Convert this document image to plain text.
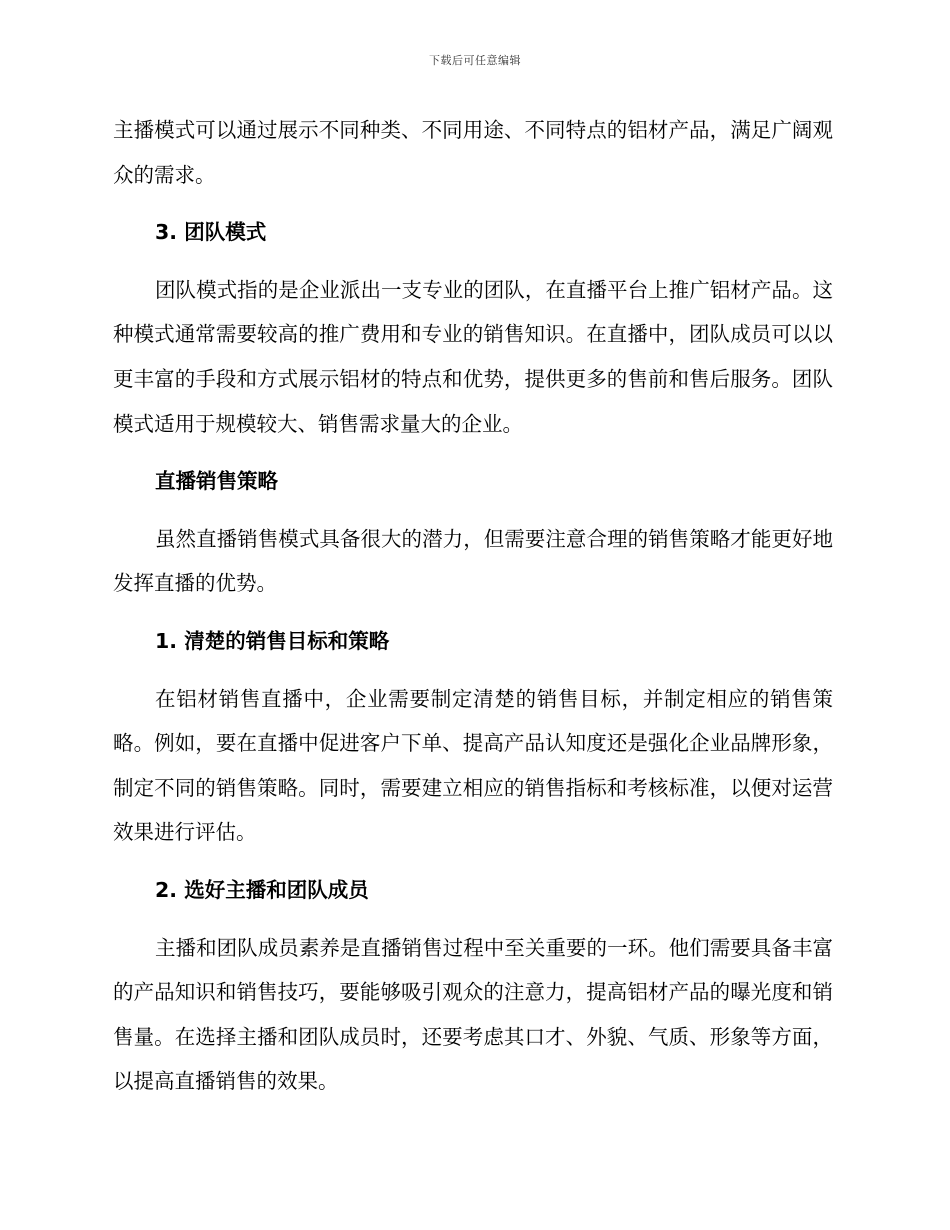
下载后可任意编辑

主播模式可以通过展示不同种类、不同用途、不同特点的铝材产品，满足广阔观众的需求。

3. 团队模式

团队模式指的是企业派出一支专业的团队，在直播平台上推广铝材产品。这种模式通常需要较高的推广费用和专业的销售知识。在直播中，团队成员可以以更丰富的手段和方式展示铝材的特点和优势，提供更多的售前和售后服务。团队模式适用于规模较大、销售需求量大的企业。

直播销售策略

虽然直播销售模式具备很大的潜力，但需要注意合理的销售策略才能更好地发挥直播的优势。

1. 清楚的销售目标和策略

在铝材销售直播中，企业需要制定清楚的销售目标，并制定相应的销售策略。例如，要在直播中促进客户下单、提高产品认知度还是强化企业品牌形象，制定不同的销售策略。同时，需要建立相应的销售指标和考核标准，以便对运营效果进行评估。

2. 选好主播和团队成员

主播和团队成员素养是直播销售过程中至关重要的一环。他们需要具备丰富的产品知识和销售技巧，要能够吸引观众的注意力，提高铝材产品的曝光度和销售量。在选择主播和团队成员时，还要考虑其口才、外貌、气质、形象等方面，以提高直播销售的效果。
